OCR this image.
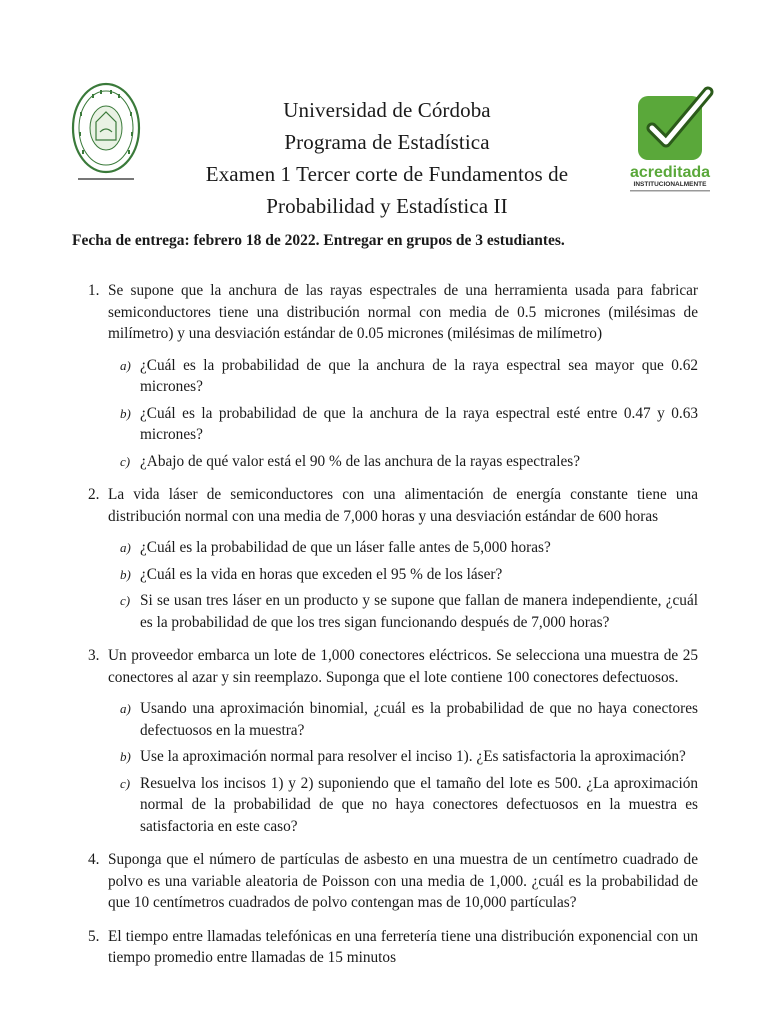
Universidad de Córdoba
Programa de Estadística
Examen 1 Tercer corte de Fundamentos de
Probabilidad y Estadística II
acreditada
INSTITUCIONALMENTE
Fecha de entrega: febrero 18 de 2022. Entregar en grupos de 3 estudiantes.
1. Se supone que la anchura de las rayas espectrales de una herramienta usada para fabricar semiconductores tiene una distribución normal con media de 0.5 micrones (milésimas de milímetro) y una desviación estándar de 0.05 micrones (milésimas de milímetro)
a) ¿Cuál es la probabilidad de que la anchura de la raya espectral sea mayor que 0.62 micrones?
b) ¿Cuál es la probabilidad de que la anchura de la raya espectral esté entre 0.47 y 0.63 micrones?
c) ¿Abajo de qué valor está el 90 % de las anchura de la rayas espectrales?
2. La vida láser de semiconductores con una alimentación de energía constante tiene una distribución normal con una media de 7,000 horas y una desviación estándar de 600 horas
a) ¿Cuál es la probabilidad de que un láser falle antes de 5,000 horas?
b) ¿Cuál es la vida en horas que exceden el 95 % de los láser?
c) Si se usan tres láser en un producto y se supone que fallan de manera independiente, ¿cuál es la probabilidad de que los tres sigan funcionando después de 7,000 horas?
3. Un proveedor embarca un lote de 1,000 conectores eléctricos. Se selecciona una muestra de 25 conectores al azar y sin reemplazo. Suponga que el lote contiene 100 conectores defectuosos.
a) Usando una aproximación binomial, ¿cuál es la probabilidad de que no haya conectores defectuosos en la muestra?
b) Use la aproximación normal para resolver el inciso 1). ¿Es satisfactoria la aproximación?
c) Resuelva los incisos 1) y 2) suponiendo que el tamaño del lote es 500. ¿La aproximación normal de la probabilidad de que no haya conectores defectuosos en la muestra es satisfactoria en este caso?
4. Suponga que el número de partículas de asbesto en una muestra de un centímetro cuadrado de polvo es una variable aleatoria de Poisson con una media de 1,000. ¿cuál es la probabilidad de que 10 centímetros cuadrados de polvo contengan mas de 10,000 partículas?
5. El tiempo entre llamadas telefónicas en una ferretería tiene una distribución exponencial con un tiempo promedio entre llamadas de 15 minutos
